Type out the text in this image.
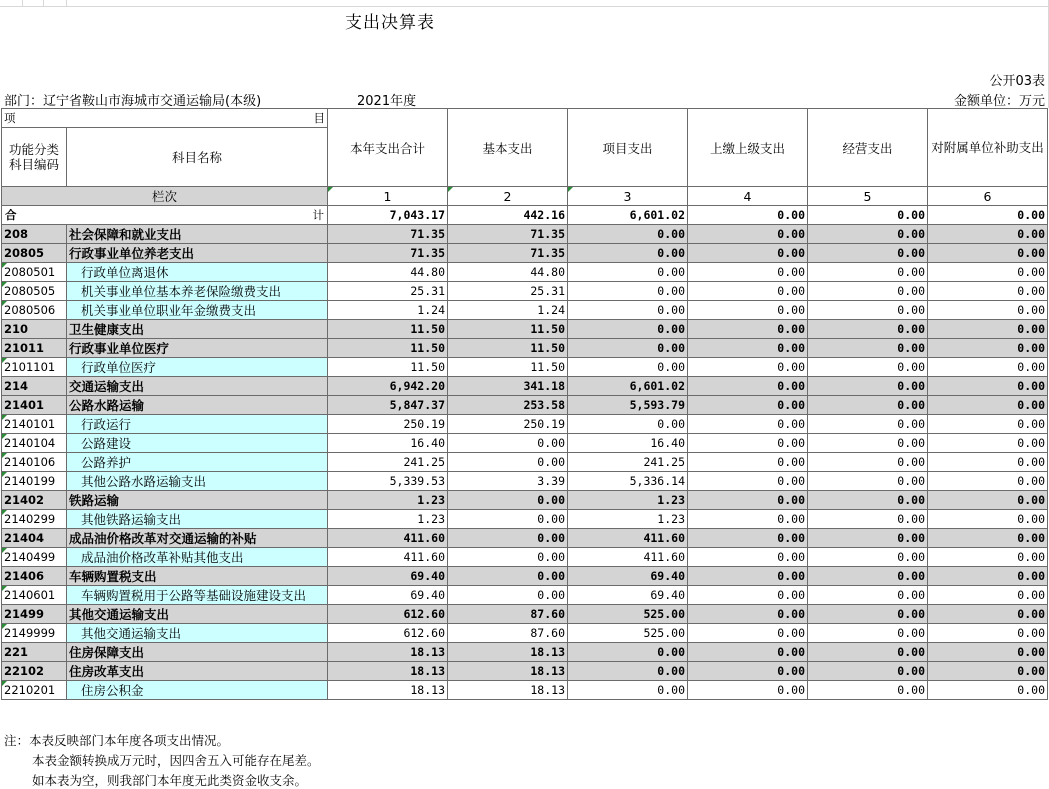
支出决算表
公开03表
部门：辽宁省鞍山市海城市交通运输局(本级)	2021年度	金额单位：万元
项	目	本年支出合计	基本支出	项目支出	上缴上级支出	经营支出	对附属单位补助支出
功能分类科目编码	科目名称						

栏次		1	2	3	4	5	6

合 计		7,043.17	442.16	6,601.02	0.00	0.00	0.00
208	社会保障和就业支出	71.35	71.35	0.00	0.00	0.00	0.00
20805	行政事业单位养老支出	71.35	71.35	0.00	0.00	0.00	0.00
2080501	行政单位离退休	44.80	44.80	0.00	0.00	0.00	0.00
2080505	机关事业单位基本养老保险缴费支出	25.31	25.31	0.00	0.00	0.00	0.00
2080506	机关事业单位职业年金缴费支出	1.24	1.24	0.00	0.00	0.00	0.00
210	卫生健康支出	11.50	11.50	0.00	0.00	0.00	0.00
21011	行政事业单位医疗	11.50	11.50	0.00	0.00	0.00	0.00
2101101	行政单位医疗	11.50	11.50	0.00	0.00	0.00	0.00
214	交通运输支出	6,942.20	341.18	6,601.02	0.00	0.00	0.00
21401	公路水路运输	5,847.37	253.58	5,593.79	0.00	0.00	0.00
2140101	行政运行	250.19	250.19	0.00	0.00	0.00	0.00
2140104	公路建设	16.40	0.00	16.40	0.00	0.00	0.00
2140106	公路养护	241.25	0.00	241.25	0.00	0.00	0.00
2140199	其他公路水路运输支出	5,339.53	3.39	5,336.14	0.00	0.00	0.00
21402	铁路运输	1.23	0.00	1.23	0.00	0.00	0.00
2140299	其他铁路运输支出	1.23	0.00	1.23	0.00	0.00	0.00
21404	成品油价格改革对交通运输的补贴	411.60	0.00	411.60	0.00	0.00	0.00
2140499	成品油价格改革补贴其他支出	411.60	0.00	411.60	0.00	0.00	0.00
21406	车辆购置税支出	69.40	0.00	69.40	0.00	0.00	0.00
2140601	车辆购置税用于公路等基础设施建设支出	69.40	0.00	69.40	0.00	0.00	0.00
21499	其他交通运输支出	612.60	87.60	525.00	0.00	0.00	0.00
2149999	其他交通运输支出	612.60	87.60	525.00	0.00	0.00	0.00
221	住房保障支出	18.13	18.13	0.00	0.00	0.00	0.00
22102	住房改革支出	18.13	18.13	0.00	0.00	0.00	0.00
2210201	住房公积金	18.13	18.13	0.00	0.00	0.00	0.00
注：本表反映部门本年度各项支出情况。
本表金额转换成万元时，因四舍五入可能存在尾差。
如本表为空，则我部门本年度无此类资金收支余。
